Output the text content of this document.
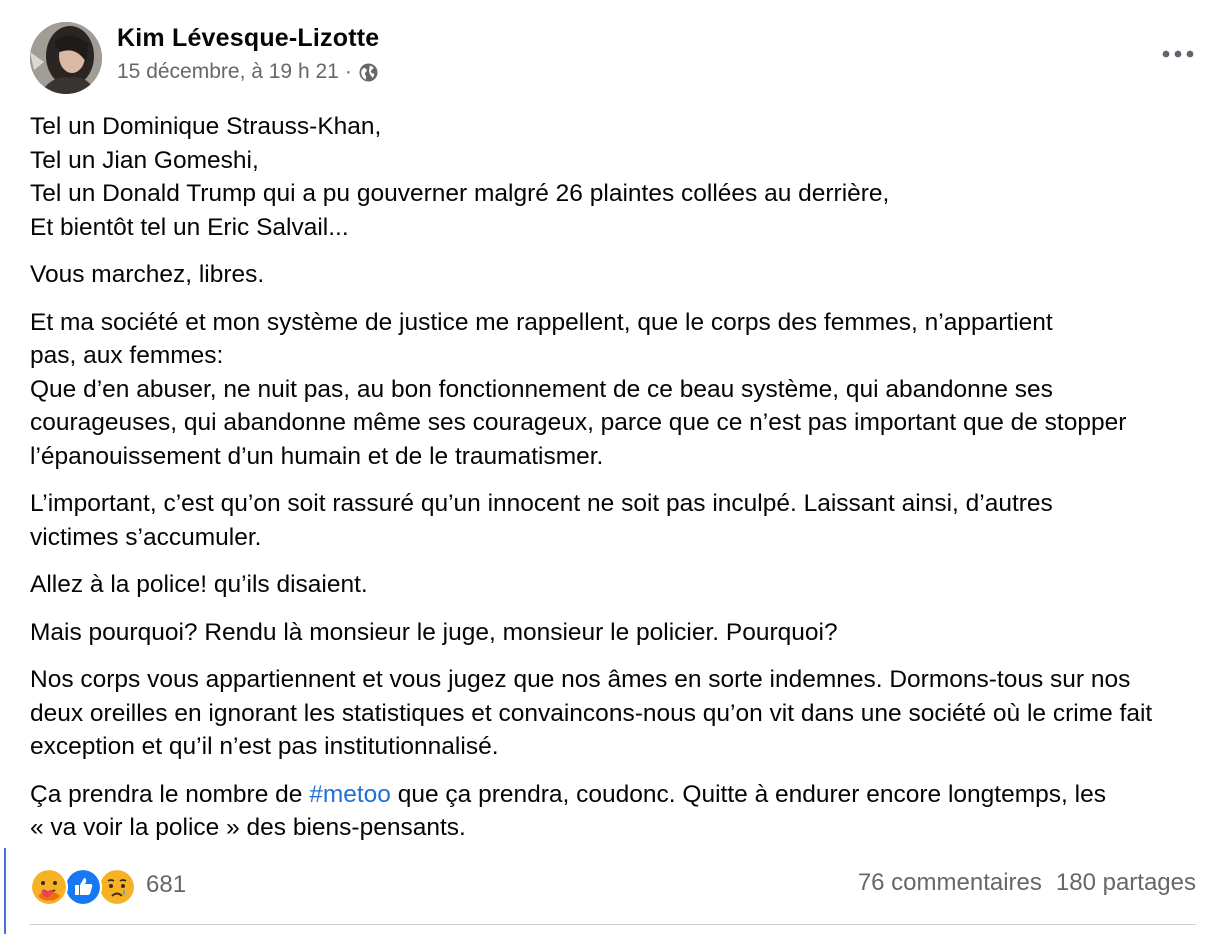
Kim Lévesque-Lizotte
15 décembre, à 19 h 21 ·

Tel un Dominique Strauss-Khan,
Tel un Jian Gomeshi,
Tel un Donald Trump qui a pu gouverner malgré 26 plaintes collées au derrière,
Et bientôt tel un Eric Salvail...

Vous marchez, libres.

Et ma société et mon système de justice me rappellent, que le corps des femmes, n’appartient pas, aux femmes:
Que d’en abuser, ne nuit pas, au bon fonctionnement de ce beau système, qui abandonne ses courageuses, qui abandonne même ses courageux, parce que ce n’est pas important que de stopper l’épanouissement d’un humain et de le traumatismer.

L’important, c’est qu’on soit rassuré qu’un innocent ne soit pas inculpé. Laissant ainsi, d’autres victimes s’accumuler.

Allez à la police! qu’ils disaient.

Mais pourquoi? Rendu là monsieur le juge, monsieur le policier. Pourquoi?

Nos corps vous appartiennent et vous jugez que nos âmes en sorte indemnes. Dormons-tous sur nos deux oreilles en ignorant les statistiques et convaincons-nous qu’on vit dans une société où le crime fait exception et qu’il n’est pas institutionnalisé.

Ça prendra le nombre de #metoo que ça prendra, coudonc. Quitte à endurer encore longtemps, les « va voir la police » des biens-pensants.

681	76 commentaires 180 partages
